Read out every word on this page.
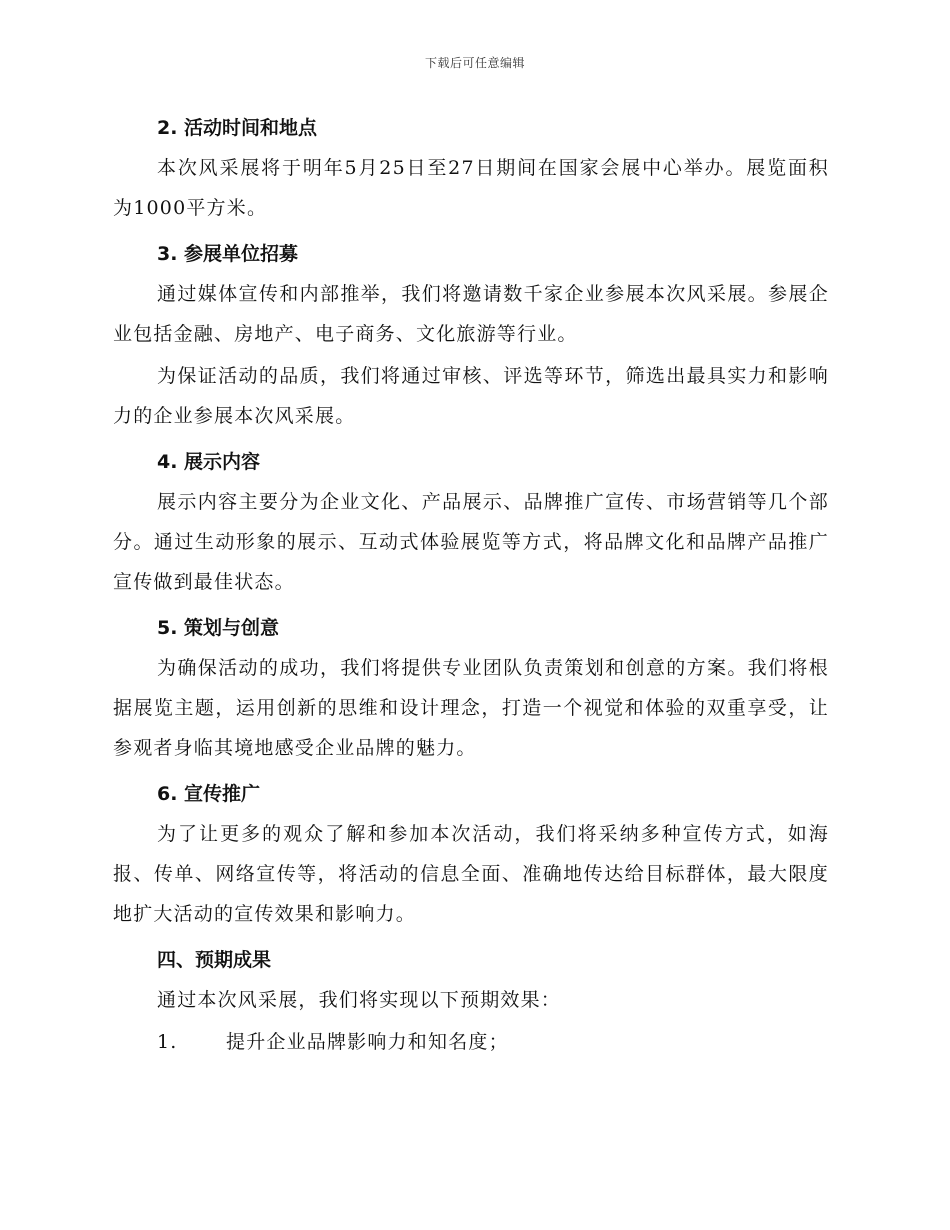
下载后可任意编辑
2. 活动时间和地点

本次风采展将于明年5月25日至27日期间在国家会展中心举办。展览面积为1000平方米。

3. 参展单位招募

通过媒体宣传和内部推举，我们将邀请数千家企业参展本次风采展。参展企业包括金融、房地产、电子商务、文化旅游等行业。

为保证活动的品质，我们将通过审核、评选等环节，筛选出最具实力和影响力的企业参展本次风采展。

4. 展示内容

展示内容主要分为企业文化、产品展示、品牌推广宣传、市场营销等几个部分。通过生动形象的展示、互动式体验展览等方式，将品牌文化和品牌产品推广宣传做到最佳状态。

5. 策划与创意

为确保活动的成功，我们将提供专业团队负责策划和创意的方案。我们将根据展览主题，运用创新的思维和设计理念，打造一个视觉和体验的双重享受，让参观者身临其境地感受企业品牌的魅力。

6. 宣传推广

为了让更多的观众了解和参加本次活动，我们将采纳多种宣传方式，如海报、传单、网络宣传等，将活动的信息全面、准确地传达给目标群体，最大限度地扩大活动的宣传效果和影响力。

四、预期成果

通过本次风采展，我们将实现以下预期效果：

1.	提升企业品牌影响力和知名度；
